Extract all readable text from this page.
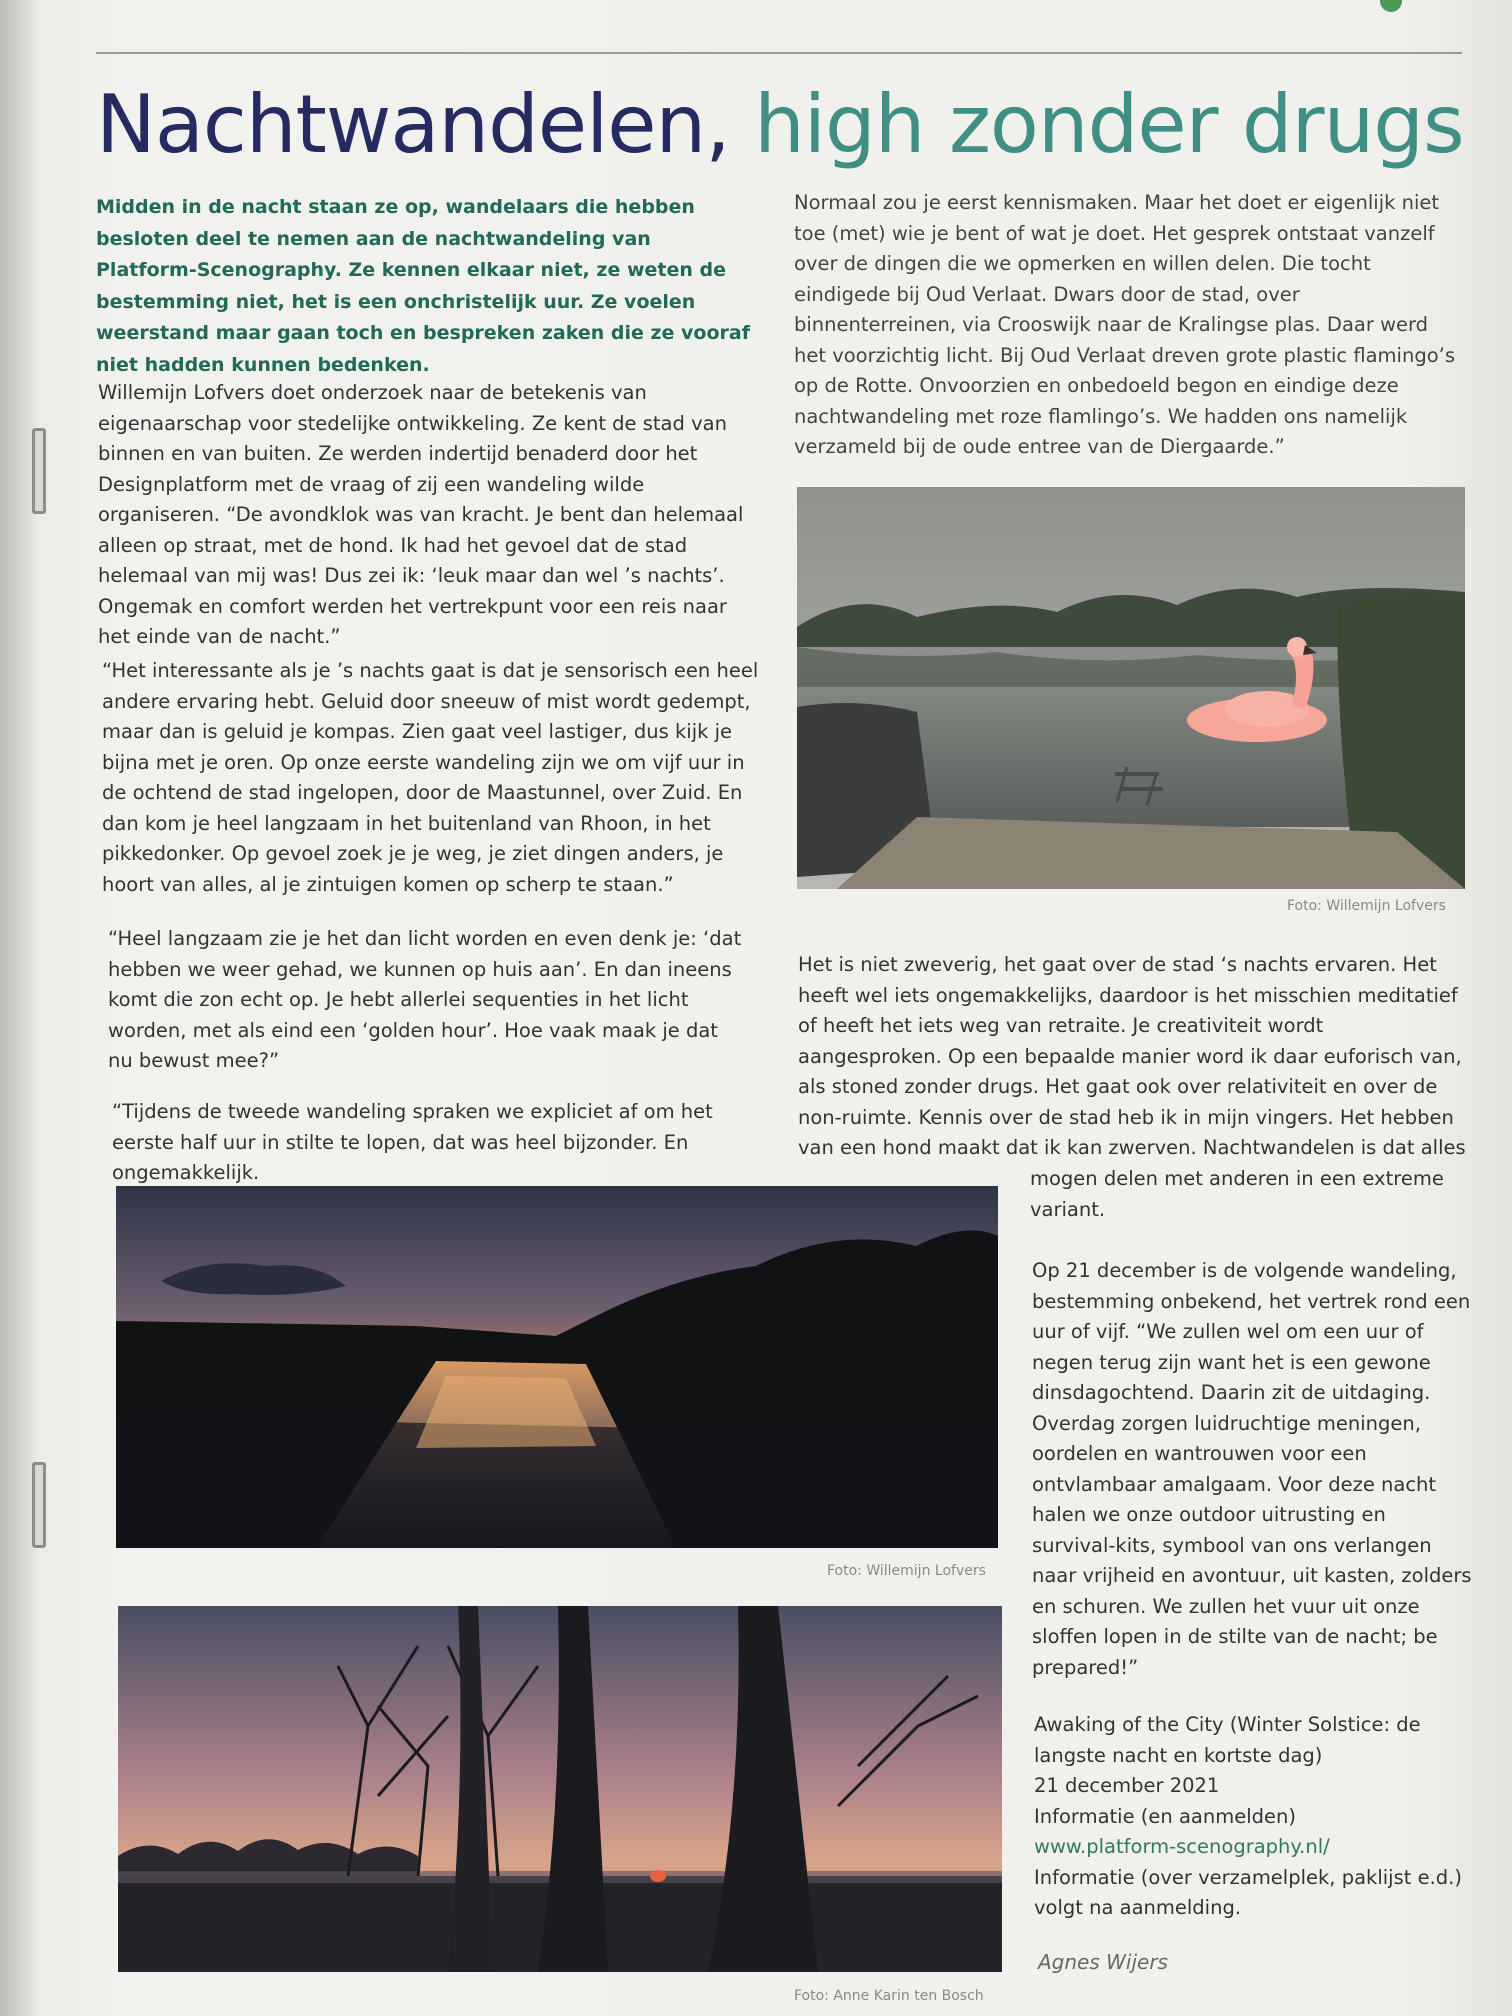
Nachtwandelen, high zonder drugs
Midden in de nacht staan ze op, wandelaars die hebben besloten deel te nemen aan de nachtwandeling van Platform-Scenography. Ze kennen elkaar niet, ze weten de bestemming niet, het is een onchristelijk uur. Ze voelen weerstand maar gaan toch en bespreken zaken die ze vooraf niet hadden kunnen bedenken.
Willemijn Lofvers doet onderzoek naar de betekenis van eigenaarschap voor stedelijke ontwikkeling. Ze kent de stad van binnen en van buiten. Ze werden indertijd benaderd door het Designplatform met de vraag of zij een wandeling wilde organiseren. “De avondklok was van kracht. Je bent dan helemaal alleen op straat, met de hond. Ik had het gevoel dat de stad helemaal van mij was! Dus zei ik: ‘leuk maar dan wel ’s nachts’. Ongemak en comfort werden het vertrekpunt voor een reis naar het einde van de nacht.”
“Het interessante als je ’s nachts gaat is dat je sensorisch een heel andere ervaring hebt. Geluid door sneeuw of mist wordt gedempt, maar dan is geluid je kompas. Zien gaat veel lastiger, dus kijk je bijna met je oren. Op onze eerste wandeling zijn we om vijf uur in de ochtend de stad ingelopen, door de Maastunnel, over Zuid. En dan kom je heel langzaam in het buitenland van Rhoon, in het pikkedonker. Op gevoel zoek je je weg, je ziet dingen anders, je hoort van alles, al je zintuigen komen op scherp te staan.”
“Heel langzaam zie je het dan licht worden en even denk je: ‘dat hebben we weer gehad, we kunnen op huis aan’. En dan ineens komt die zon echt op. Je hebt allerlei sequenties in het licht worden, met als eind een ‘golden hour’. Hoe vaak maak je dat nu bewust mee?”
“Tijdens de tweede wandeling spraken we expliciet af om het eerste half uur in stilte te lopen, dat was heel bijzonder. En ongemakkelijk.
Normaal zou je eerst kennismaken. Maar het doet er eigenlijk niet toe (met) wie je bent of wat je doet. Het gesprek ontstaat vanzelf over de dingen die we opmerken en willen delen. Die tocht eindigede bij Oud Verlaat. Dwars door de stad, over binnenterreinen, via Crooswijk naar de Kralingse plas. Daar werd het voorzichtig licht. Bij Oud Verlaat dreven grote plastic flamingo’s op de Rotte. Onvoorzien en onbedoeld begon en eindige deze nachtwandeling met roze flamlingo’s. We hadden ons namelijk verzameld bij de oude entree van de Diergaarde.”
Foto: Willemijn Lofvers
Het is niet zweverig, het gaat over de stad ‘s nachts ervaren. Het heeft wel iets ongemakkelijks, daardoor is het misschien meditatief of heeft het iets weg van retraite. Je creativiteit wordt aangesproken. Op een bepaalde manier word ik daar euforisch van, als stoned zonder drugs. Het gaat ook over relativiteit en over de non-ruimte. Kennis over de stad heb ik in mijn vingers. Het hebben van een hond maakt dat ik kan zwerven. Nachtwandelen is dat alles
mogen delen met anderen in een extreme variant.
Op 21 december is de volgende wandeling, bestemming onbekend, het vertrek rond een uur of vijf. “We zullen wel om een uur of negen terug zijn want het is een gewone dinsdagochtend. Daarin zit de uitdaging. Overdag zorgen luidruchtige meningen, oordelen en wantrouwen voor een ontvlambaar amalgaam. Voor deze nacht halen we onze outdoor uitrusting en survival-kits, symbool van ons verlangen naar vrijheid en avontuur, uit kasten, zolders en schuren. We zullen het vuur uit onze sloffen lopen in de stilte van de nacht; be prepared!”
Awaking of the City (Winter Solstice: de langste nacht en kortste dag)
21 december 2021
Informatie (en aanmelden)
www.platform-scenography.nl/
Informatie (over verzamelplek, paklijst e.d.) volgt na aanmelding.
Agnes Wijers
Foto: Willemijn Lofvers
Foto: Anne Karin ten Bosch
